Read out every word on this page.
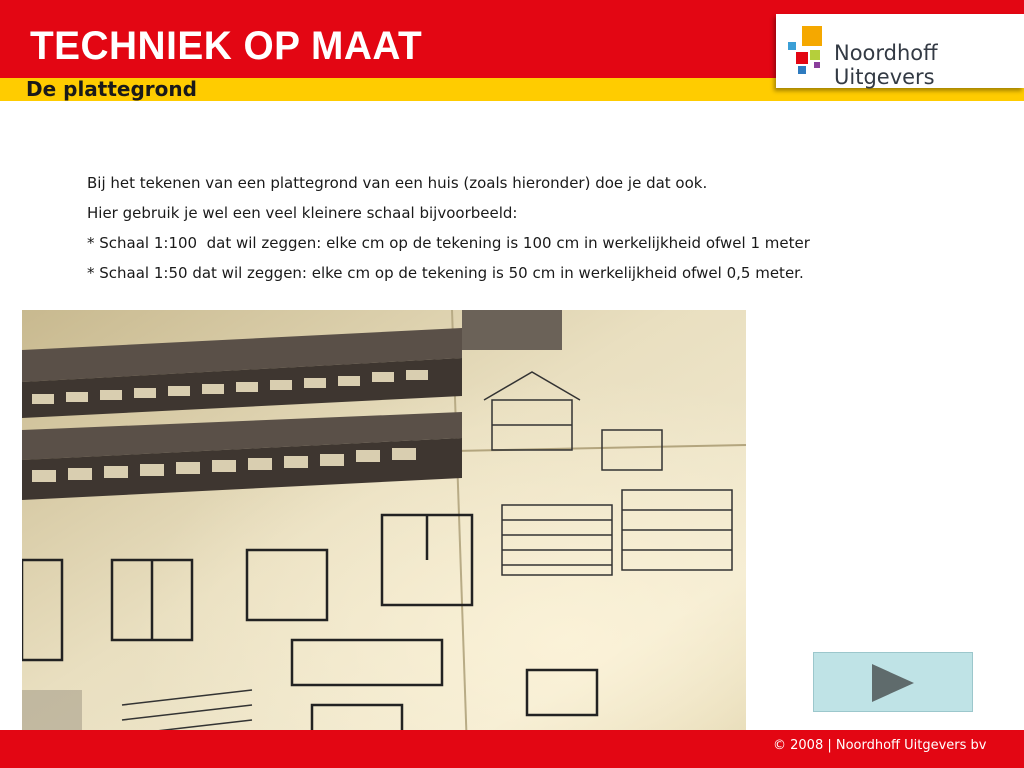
TECHNIEK OP MAAT
De plattegrond
Noordhoff Uitgevers

Bij het tekenen van een plattegrond van een huis (zoals hieronder) doe je dat ook.

Hier gebruik je wel een veel kleinere schaal bijvoorbeeld:

* Schaal 1:100  dat wil zeggen: elke cm op de tekening is 100 cm in werkelijkheid ofwel 1 meter

* Schaal 1:50 dat wil zeggen: elke cm op de tekening is 50 cm in werkelijkheid ofwel 0,5 meter.

© 2008 | Noordhoff Uitgevers bv
